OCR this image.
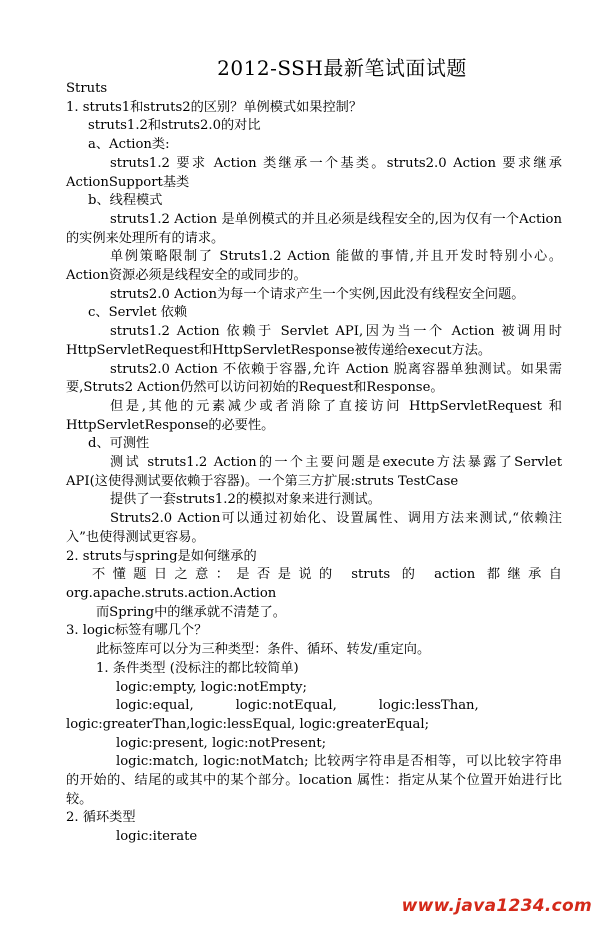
2012-SSH最新笔试面试题
Struts
1. struts1和struts2的区别？单例模式如果控制？
struts1.2和struts2.0的对比
a、Action类:
struts1.2 要求 Action 类继承一个基类。struts2.0 Action 要求继承ActionSupport基类
b、线程模式
struts1.2 Action 是单例模式的并且必须是线程安全的,因为仅有一个Action的实例来处理所有的请求。
单例策略限制了 Struts1.2 Action 能做的事情,并且开发时特别小心。Action资源必须是线程安全的或同步的。
struts2.0 Action为每一个请求产生一个实例,因此没有线程安全问题。
c、Servlet 依赖
struts1.2 Action 依赖于 Servlet API,因为当一个 Action 被调用时HttpServletRequest和HttpServletResponse被传递给execut方法。
struts2.0 Action 不依赖于容器,允许 Action 脱离容器单独测试。如果需要,Struts2 Action仍然可以访问初始的Request和Response。
但是,其他的元素减少或者消除了直接访问 HttpServletRequest 和HttpServletResponse的必要性。
d、可测性
测试 struts1.2 Action的一个主要问题是execute方法暴露了Servlet API(这使得测试要依赖于容器)。一个第三方扩展:struts TestCase
提供了一套struts1.2的模拟对象来进行测试。
Struts2.0 Action可以通过初始化、设置属性、调用方法来测试,“依赖注入”也使得测试更容易。
2. struts与spring是如何继承的
不懂题日之意：是否是说的 struts 的 action 都继承自
org.apache.struts.action.Action
而Spring中的继承就不清楚了。
3. logic标签有哪几个？
此标签库可以分为三种类型：条件、循环、转发/重定向。
1. 条件类型 (没标注的都比较简单)
logic:empty, logic:notEmpty;
logic:equal,          logic:notEqual,          logic:lessThan,
logic:greaterThan,logic:lessEqual, logic:greaterEqual;
logic:present, logic:notPresent;
logic:match, logic:notMatch; 比较两字符串是否相等，可以比较字符串的开始的、结尾的或其中的某个部分。location 属性：指定从某个位置开始进行比较。
2. 循环类型
logic:iterate
www.java1234.com
